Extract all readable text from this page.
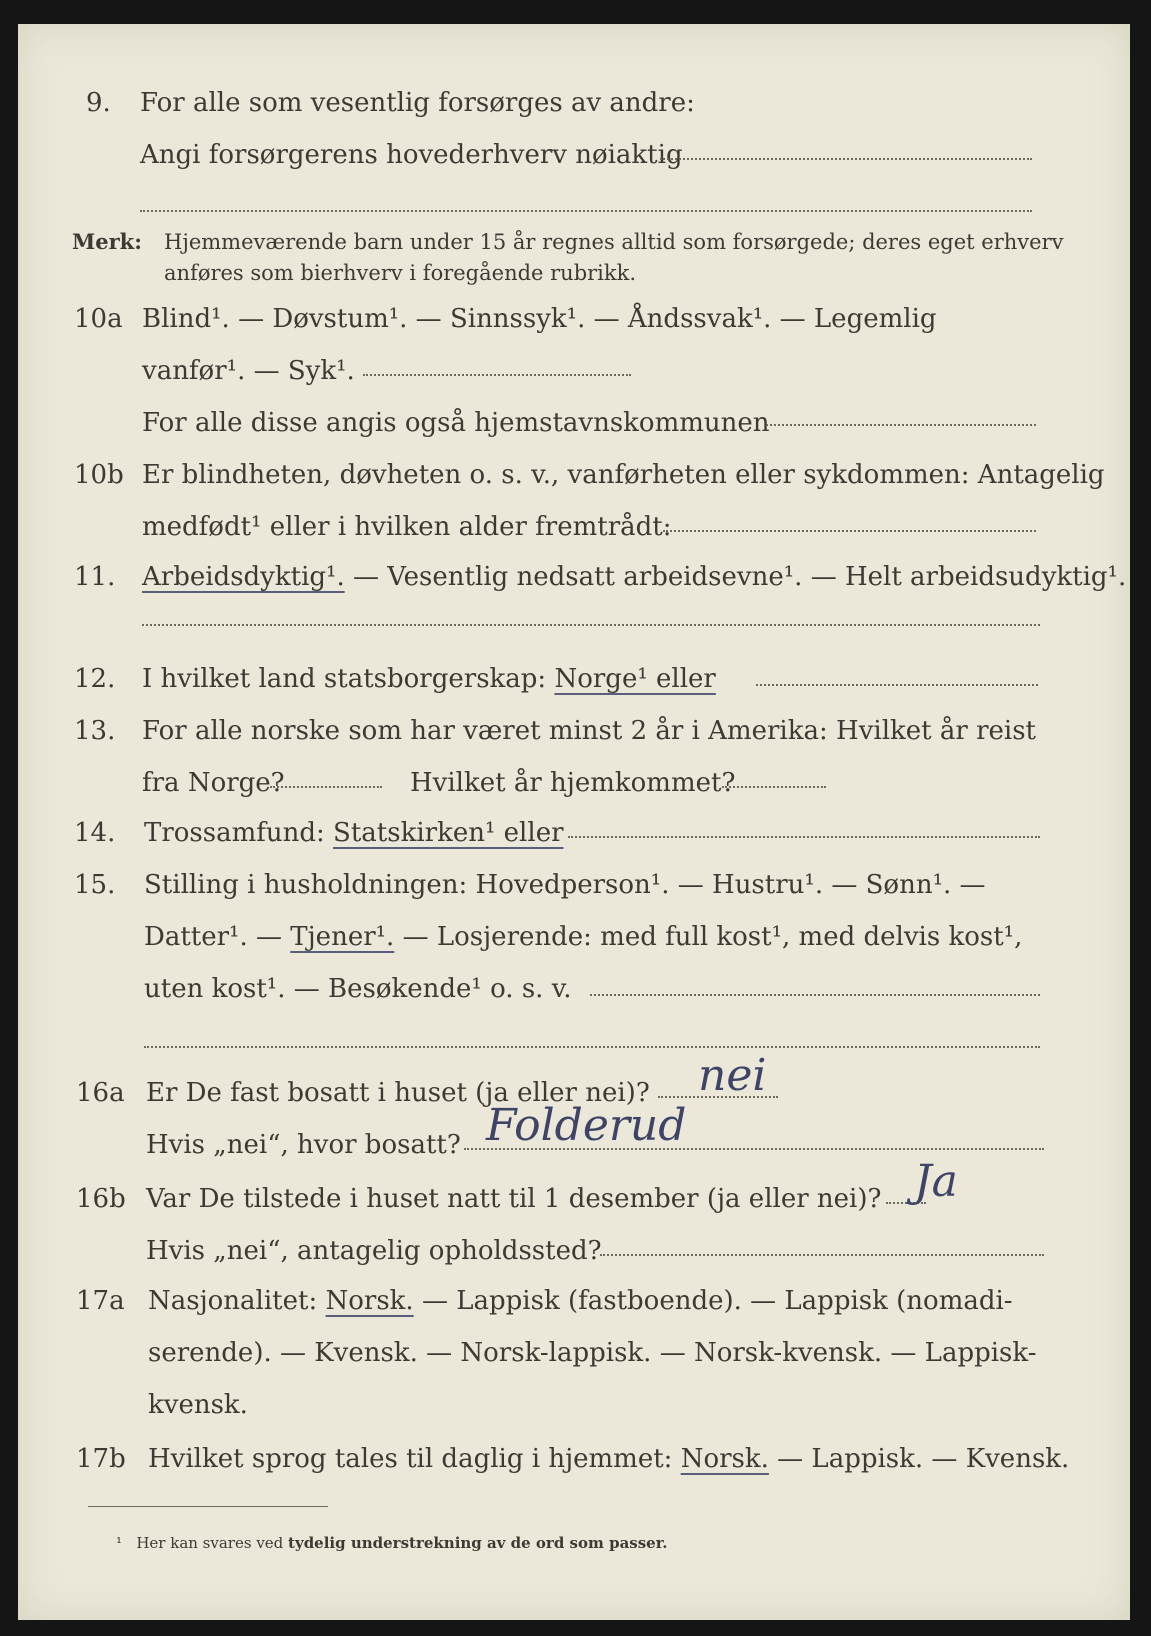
9. For alle som vesentlig forsørges av andre:
Angi forsørgerens hovederhverv nøiaktig
Merk: Hjemmeværende barn under 15 år regnes alltid som forsørgede; deres eget erhverv
anføres som bierhverv i foregående rubrikk.
10a Blind¹. — Døvstum¹. — Sinnssyk¹. — Åndssvak¹. — Legemlig
vanfør¹. — Syk¹.
For alle disse angis også hjemstavnskommunen
10b Er blindheten, døvheten o. s. v., vanførheten eller sykdommen: Antagelig
medfødt¹ eller i hvilken alder fremtrådt:
11. Arbeidsdyktig¹. — Vesentlig nedsatt arbeidsevne¹. — Helt arbeidsudyktig¹.
12. I hvilket land statsborgerskap: Norge¹ eller
13. For alle norske som har været minst 2 år i Amerika: Hvilket år reist
fra Norge?	Hvilket år hjemkommet?
14. Trossamfund: Statskirken¹ eller
15. Stilling i husholdningen: Hovedperson¹. — Hustru¹. — Sønn¹. —
Datter¹. — Tjener¹. — Losjerende: med full kost¹, med delvis kost¹,
uten kost¹. — Besøkende¹ o. s. v.
16a Er De fast bosatt i huset (ja eller nei)? nei
Hvis „nei“, hvor bosatt? Folderud
16b Var De tilstede i huset natt til 1 desember (ja eller nei)? Ja
Hvis „nei“, antagelig opholdssted?
17a Nasjonalitet: Norsk. — Lappisk (fastboende). — Lappisk (nomadi-
serende). — Kvensk. — Norsk-lappisk. — Norsk-kvensk. — Lappisk-
kvensk.
17b Hvilket sprog tales til daglig i hjemmet: Norsk. — Lappisk. — Kvensk.
¹ Her kan svares ved tydelig understrekning av de ord som passer.
